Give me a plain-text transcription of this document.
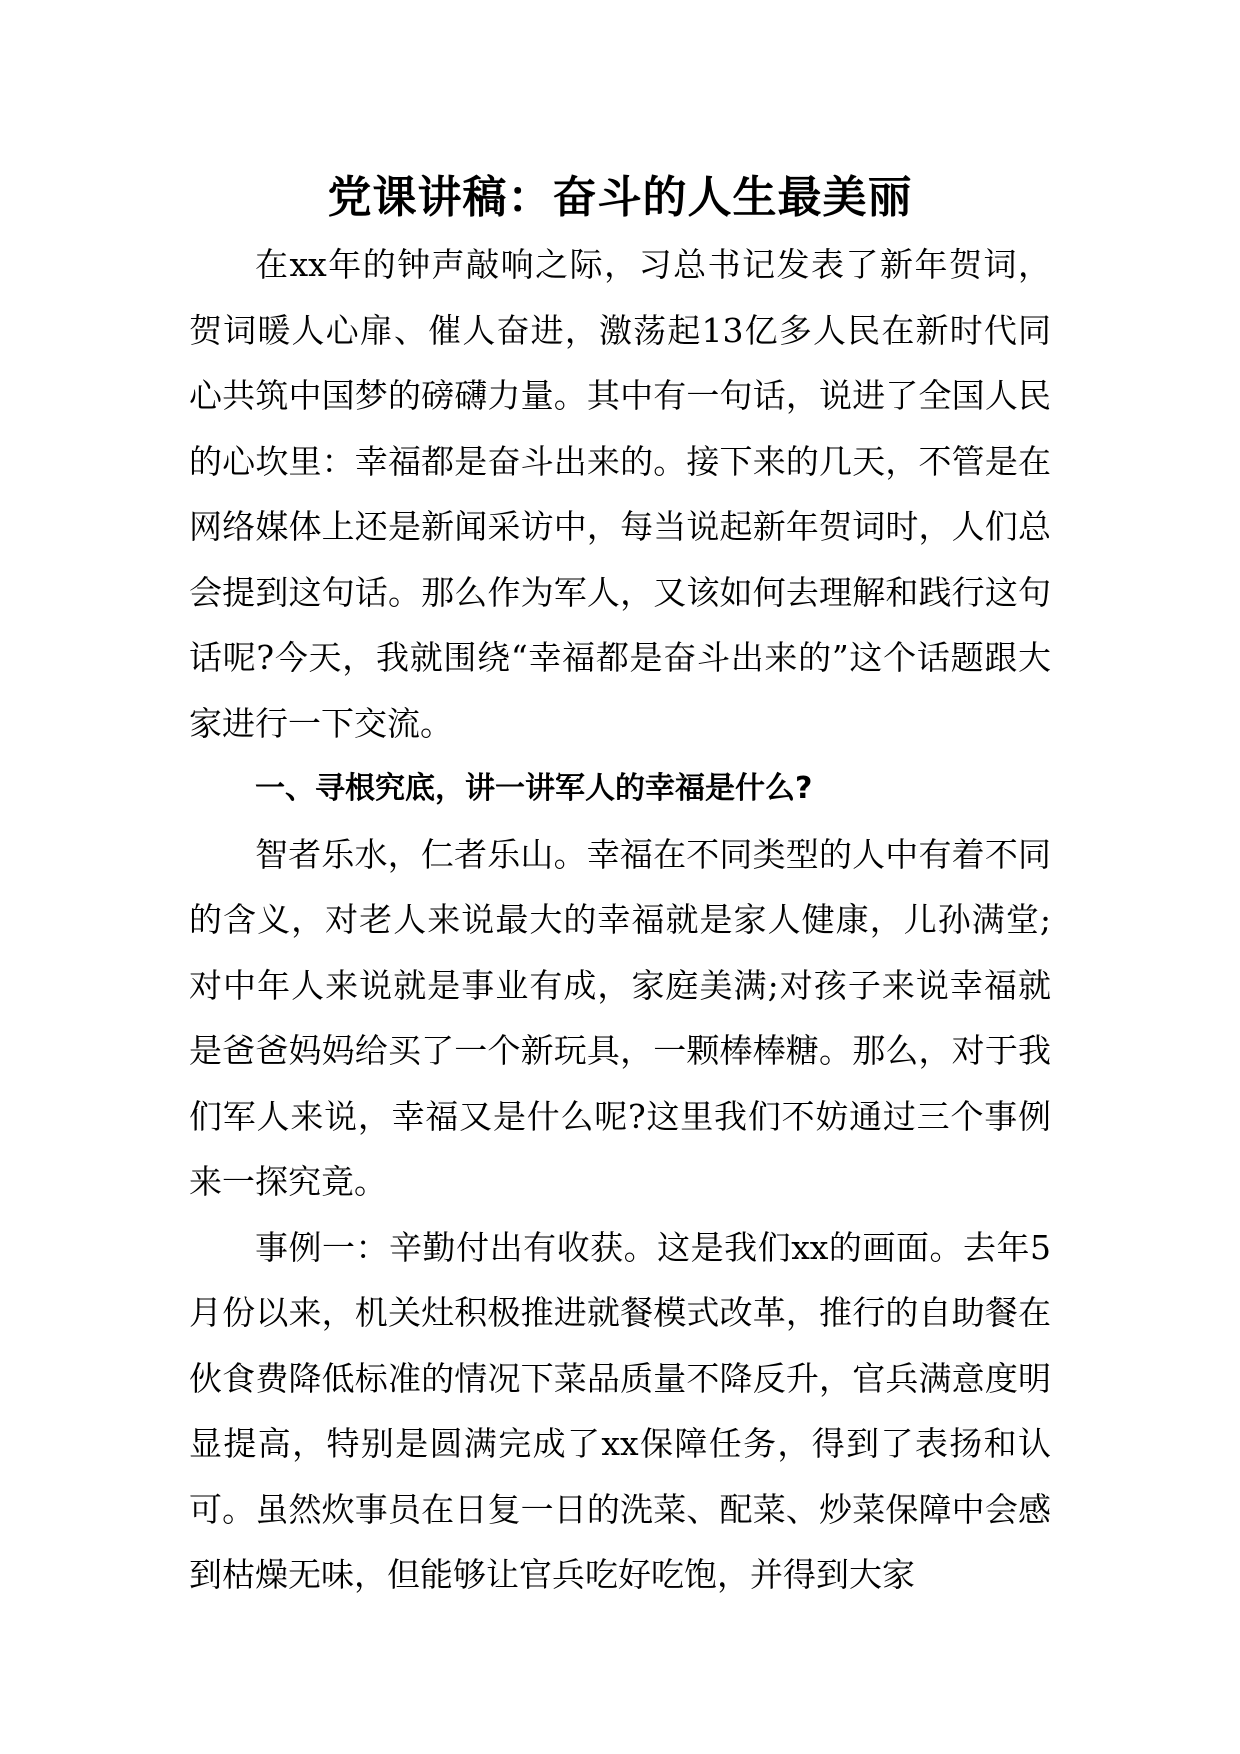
党课讲稿：奋斗的人生最美丽

在xx年的钟声敲响之际，习总书记发表了新年贺词，贺词暖人心扉、催人奋进，激荡起13亿多人民在新时代同心共筑中国梦的磅礴力量。其中有一句话，说进了全国人民的心坎里：幸福都是奋斗出来的。接下来的几天，不管是在网络媒体上还是新闻采访中，每当说起新年贺词时，人们总会提到这句话。那么作为军人，又该如何去理解和践行这句话呢?今天，我就围绕“幸福都是奋斗出来的”这个话题跟大家进行一下交流。

一、寻根究底，讲一讲军人的幸福是什么?

智者乐水，仁者乐山。幸福在不同类型的人中有着不同的含义，对老人来说最大的幸福就是家人健康，儿孙满堂;对中年人来说就是事业有成，家庭美满;对孩子来说幸福就是爸爸妈妈给买了一个新玩具，一颗棒棒糖。那么，对于我们军人来说，幸福又是什么呢?这里我们不妨通过三个事例来一探究竟。

事例一：辛勤付出有收获。这是我们xx的画面。去年5月份以来，机关灶积极推进就餐模式改革，推行的自助餐在伙食费降低标准的情况下菜品质量不降反升，官兵满意度明显提高，特别是圆满完成了xx保障任务，得到了表扬和认可。虽然炊事员在日复一日的洗菜、配菜、炒菜保障中会感到枯燥无味，但能够让官兵吃好吃饱，并得到大家
